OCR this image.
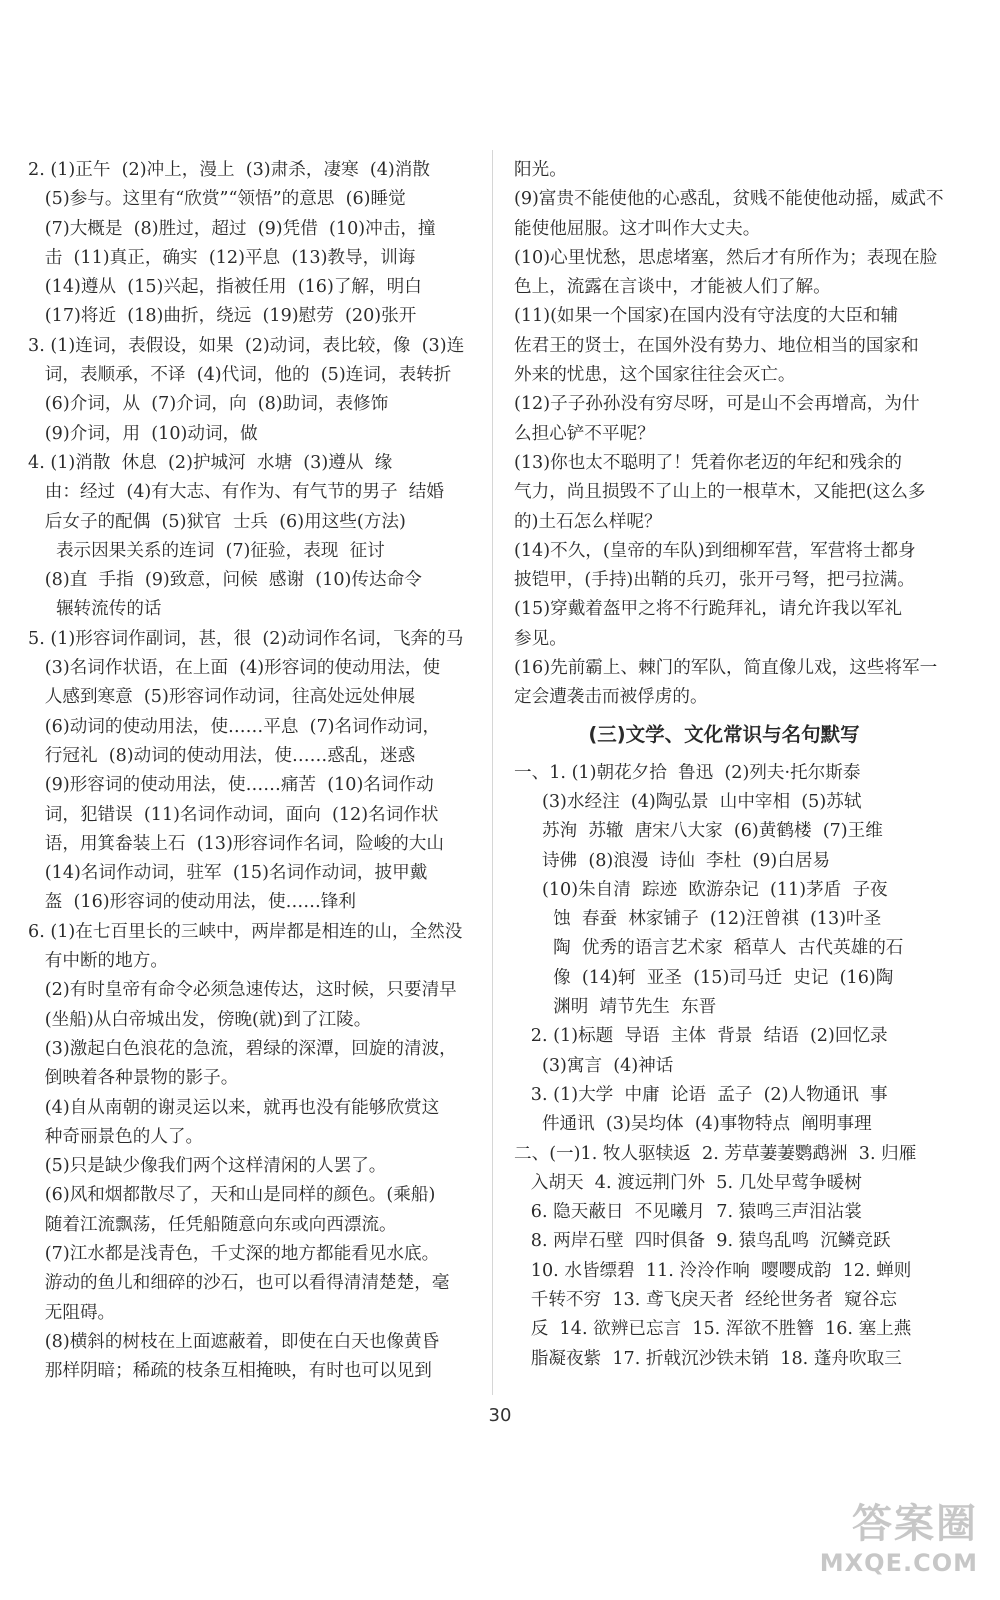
2. (1)正午  (2)冲上，漫上  (3)肃杀，凄寒  (4)消散
(5)参与。这里有“欣赏”“领悟”的意思  (6)睡觉
(7)大概是  (8)胜过，超过  (9)凭借  (10)冲击，撞
击  (11)真正，确实  (12)平息  (13)教导，训诲
(14)遵从  (15)兴起，指被任用  (16)了解，明白
(17)将近  (18)曲折，绕远  (19)慰劳  (20)张开
3. (1)连词，表假设，如果  (2)动词，表比较，像  (3)连
词，表顺承，不译  (4)代词，他的  (5)连词，表转折
(6)介词，从  (7)介词，向  (8)助词，表修饰
(9)介词，用  (10)动词，做
4. (1)消散  休息  (2)护城河  水塘  (3)遵从  缘
由：经过  (4)有大志、有作为、有气节的男子  结婚
后女子的配偶  (5)狱官  士兵  (6)用这些(方法)
表示因果关系的连词  (7)征验，表现  征讨
(8)直  手指  (9)致意，问候  感谢  (10)传达命令
辗转流传的话
5. (1)形容词作副词，甚，很  (2)动词作名词，飞奔的马
(3)名词作状语，在上面  (4)形容词的使动用法，使
人感到寒意  (5)形容词作动词，往高处远处伸展
(6)动词的使动用法，使……平息  (7)名词作动词，
行冠礼  (8)动词的使动用法，使……惑乱，迷惑
(9)形容词的使动用法，使……痛苦  (10)名词作动
词，犯错误  (11)名词作动词，面向  (12)名词作状
语，用箕畚装上石  (13)形容词作名词，险峻的大山
(14)名词作动词，驻军  (15)名词作动词，披甲戴
盔  (16)形容词的使动用法，使……锋利
6. (1)在七百里长的三峡中，两岸都是相连的山，全然没
有中断的地方。
(2)有时皇帝有命令必须急速传达，这时候，只要清早
(坐船)从白帝城出发，傍晚(就)到了江陵。
(3)激起白色浪花的急流，碧绿的深潭，回旋的清波，
倒映着各种景物的影子。
(4)自从南朝的谢灵运以来，就再也没有能够欣赏这
种奇丽景色的人了。
(5)只是缺少像我们两个这样清闲的人罢了。
(6)风和烟都散尽了，天和山是同样的颜色。(乘船)
随着江流飘荡，任凭船随意向东或向西漂流。
(7)江水都是浅青色，千丈深的地方都能看见水底。
游动的鱼儿和细碎的沙石，也可以看得清清楚楚，毫
无阻碍。
(8)横斜的树枝在上面遮蔽着，即使在白天也像黄昏
那样阴暗；稀疏的枝条互相掩映，有时也可以见到
阳光。
(9)富贵不能使他的心惑乱，贫贱不能使他动摇，威武不
能使他屈服。这才叫作大丈夫。
(10)心里忧愁，思虑堵塞，然后才有所作为；表现在脸
色上，流露在言谈中，才能被人们了解。
(11)(如果一个国家)在国内没有守法度的大臣和辅
佐君王的贤士，在国外没有势力、地位相当的国家和
外来的忧患，这个国家往往会灭亡。
(12)子子孙孙没有穷尽呀，可是山不会再增高，为什
么担心铲不平呢？
(13)你也太不聪明了！凭着你老迈的年纪和残余的
气力，尚且损毁不了山上的一根草木，又能把(这么多
的)土石怎么样呢？
(14)不久，(皇帝的车队)到细柳军营，军营将士都身
披铠甲，(手持)出鞘的兵刃，张开弓弩，把弓拉满。
(15)穿戴着盔甲之将不行跪拜礼，请允许我以军礼
参见。
(16)先前霸上、棘门的军队，简直像儿戏，这些将军一
定会遭袭击而被俘虏的。
(三)文学、文化常识与名句默写
一、1. (1)朝花夕拾  鲁迅  (2)列夫·托尔斯泰
(3)水经注  (4)陶弘景  山中宰相  (5)苏轼
苏洵  苏辙  唐宋八大家  (6)黄鹤楼  (7)王维
诗佛  (8)浪漫  诗仙  李杜  (9)白居易
(10)朱自清  踪迹  欧游杂记  (11)茅盾  子夜
蚀  春蚕  林家铺子  (12)汪曾祺  (13)叶圣
陶  优秀的语言艺术家  稻草人  古代英雄的石
像  (14)轲  亚圣  (15)司马迁  史记  (16)陶
渊明  靖节先生  东晋
2. (1)标题  导语  主体  背景  结语  (2)回忆录
(3)寓言  (4)神话
3. (1)大学  中庸  论语  孟子  (2)人物通讯  事
件通讯  (3)吴均体  (4)事物特点  阐明事理
二、(一)1. 牧人驱犊返  2. 芳草萋萋鹦鹉洲  3. 归雁
入胡天  4. 渡远荆门外  5. 几处早莺争暖树
6. 隐天蔽日  不见曦月  7. 猿鸣三声泪沾裳
8. 两岸石壁  四时俱备  9. 猿鸟乱鸣  沉鳞竞跃
10. 水皆缥碧  11. 泠泠作响  嘤嘤成韵  12. 蝉则
千转不穷  13. 鸢飞戾天者  经纶世务者  窥谷忘
反  14. 欲辨已忘言  15. 浑欲不胜簪  16. 塞上燕
脂凝夜紫  17. 折戟沉沙铁未销  18. 蓬舟吹取三
30
答案圈
MXQE.COM
